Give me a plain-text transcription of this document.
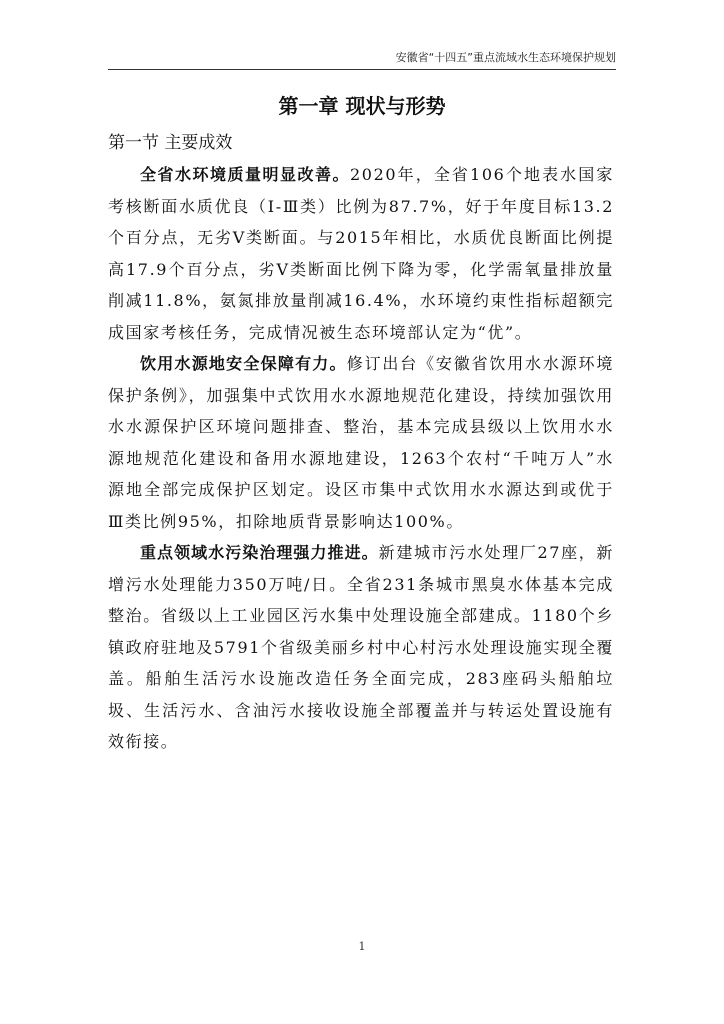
安徽省“十四五”重点流域水生态环境保护规划
第一章 现状与形势
第一节 主要成效

全省水环境质量明显改善。2020年，全省106个地表水国家考核断面水质优良（Ⅰ-Ⅲ类）比例为87.7%，好于年度目标13.2个百分点，无劣Ⅴ类断面。与2015年相比，水质优良断面比例提高17.9个百分点，劣Ⅴ类断面比例下降为零，化学需氧量排放量削减11.8%，氨氮排放量削减16.4%，水环境约束性指标超额完成国家考核任务，完成情况被生态环境部认定为“优”。

饮用水源地安全保障有力。修订出台《安徽省饮用水水源环境保护条例》，加强集中式饮用水水源地规范化建设，持续加强饮用水水源保护区环境问题排查、整治，基本完成县级以上饮用水水源地规范化建设和备用水源地建设，1263个农村“千吨万人”水源地全部完成保护区划定。设区市集中式饮用水水源达到或优于Ⅲ类比例95%，扣除地质背景影响达100%。

重点领域水污染治理强力推进。新建城市污水处理厂27座，新增污水处理能力350万吨/日。全省231条城市黑臭水体基本完成整治。省级以上工业园区污水集中处理设施全部建成。1180个乡镇政府驻地及5791个省级美丽乡村中心村污水处理设施实现全覆盖。船舶生活污水设施改造任务全面完成，283座码头船舶垃圾、生活污水、含油污水接收设施全部覆盖并与转运处置设施有效衔接。

1
